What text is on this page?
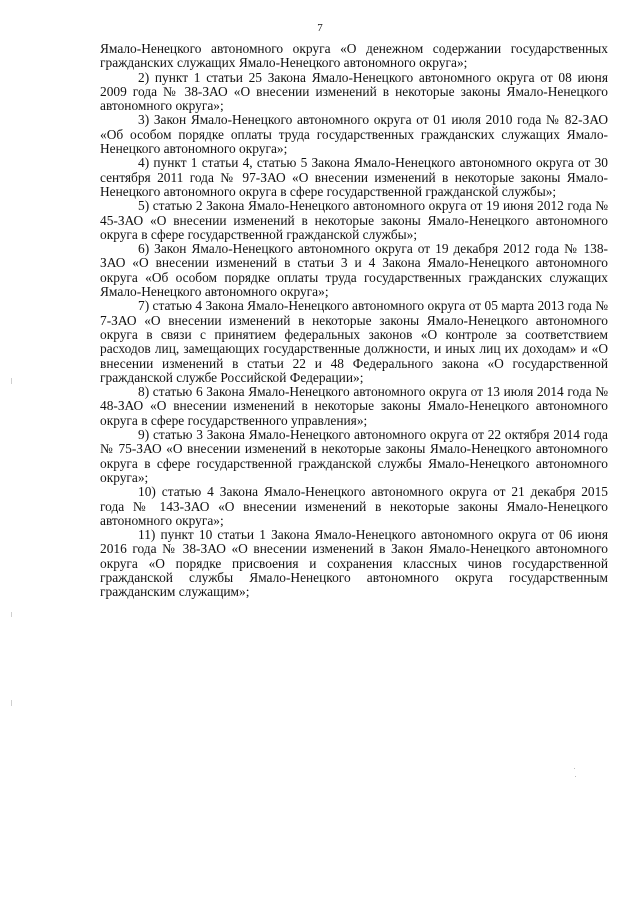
7

Ямало-Ненецкого автономного округа «О денежном содержании государственных гражданских служащих Ямало-Ненецкого автономного округа»;

2) пункт 1 статьи 25 Закона Ямало-Ненецкого автономного округа от 08 июня 2009 года № 38-ЗАО «О внесении изменений в некоторые законы Ямало-Ненецкого автономного округа»;

3) Закон Ямало-Ненецкого автономного округа от 01 июля 2010 года № 82-ЗАО «Об особом порядке оплаты труда государственных гражданских служащих Ямало-Ненецкого автономного округа»;

4) пункт 1 статьи 4, статью 5 Закона Ямало-Ненецкого автономного округа от 30 сентября 2011 года № 97-ЗАО «О внесении изменений в некоторые законы Ямало-Ненецкого автономного округа в сфере государственной гражданской службы»;

5) статью 2 Закона Ямало-Ненецкого автономного округа от 19 июня 2012 года № 45-ЗАО «О внесении изменений в некоторые законы Ямало-Ненецкого автономного округа в сфере государственной гражданской службы»;

6) Закон Ямало-Ненецкого автономного округа от 19 декабря 2012 года № 138-ЗАО «О внесении изменений в статьи 3 и 4 Закона Ямало-Ненецкого автономного округа «Об особом порядке оплаты труда государственных гражданских служащих Ямало-Ненецкого автономного округа»;

7) статью 4 Закона Ямало-Ненецкого автономного округа от 05 марта 2013 года № 7-ЗАО «О внесении изменений в некоторые законы Ямало-Ненецкого автономного округа в связи с принятием федеральных законов «О контроле за соответствием расходов лиц, замещающих государственные должности, и иных лиц их доходам» и «О внесении изменений в статьи 22 и 48 Федерального закона «О государственной гражданской службе Российской Федерации»;

8) статью 6 Закона Ямало-Ненецкого автономного округа от 13 июля 2014 года № 48-ЗАО «О внесении изменений в некоторые законы Ямало-Ненецкого автономного округа в сфере государственного управления»;

9) статью 3 Закона Ямало-Ненецкого автономного округа от 22 октября 2014 года № 75-ЗАО «О внесении изменений в некоторые законы Ямало-Ненецкого автономного округа в сфере государственной гражданской службы Ямало-Ненецкого автономного округа»;

10) статью 4 Закона Ямало-Ненецкого автономного округа от 21 декабря 2015 года № 143-ЗАО «О внесении изменений в некоторые законы Ямало-Ненецкого автономного округа»;

11) пункт 10 статьи 1 Закона Ямало-Ненецкого автономного округа от 06 июня 2016 года № 38-ЗАО «О внесении изменений в Закон Ямало-Ненецкого автономного округа «О порядке присвоения и сохранения классных чинов государственной гражданской службы Ямало-Ненецкого автономного округа государственным гражданским служащим»;
